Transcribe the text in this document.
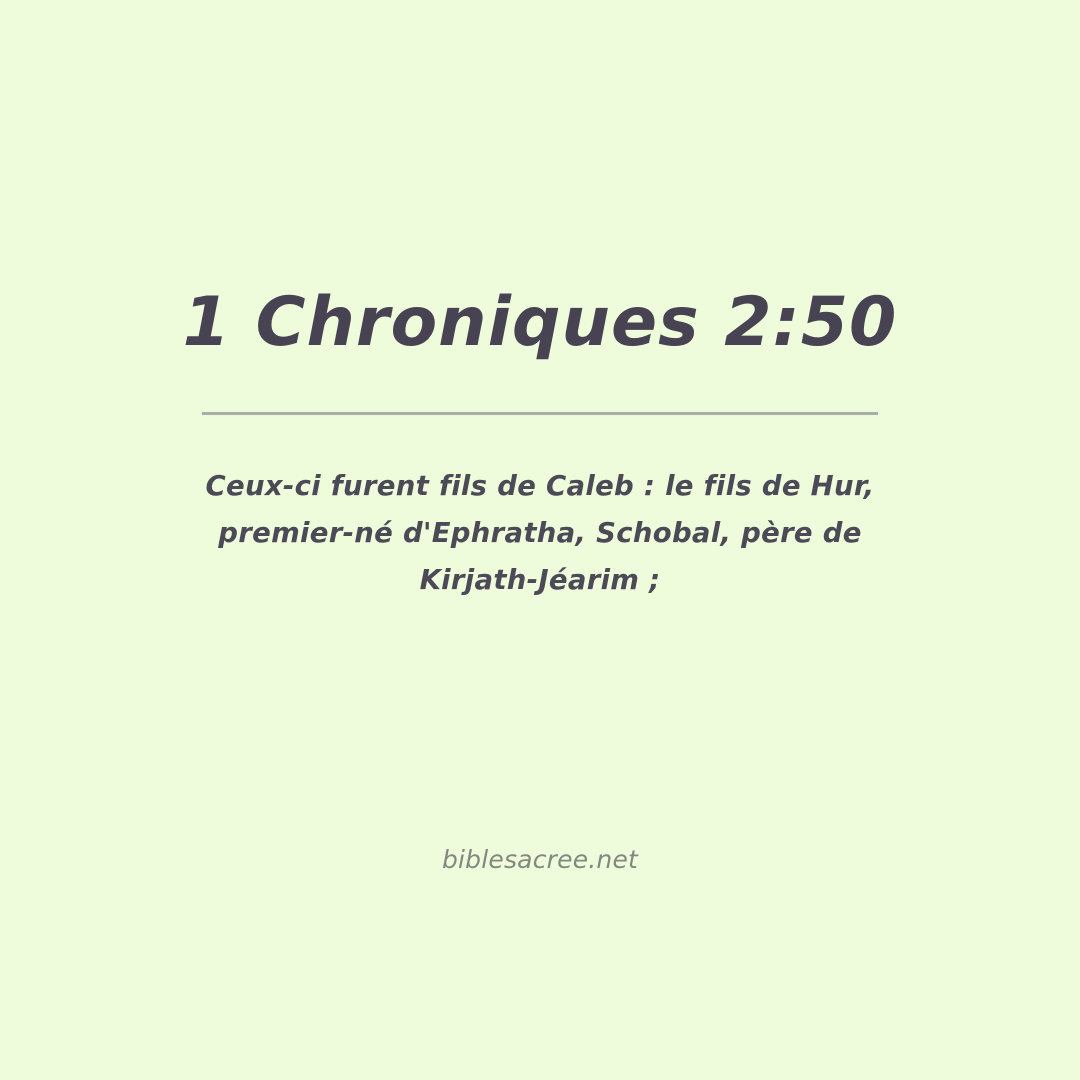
1 Chroniques 2:50
Ceux-ci furent fils de Caleb : le fils de Hur, premier-né d'Ephratha, Schobal, père de Kirjath-Jéarim ;
biblesacree.net
